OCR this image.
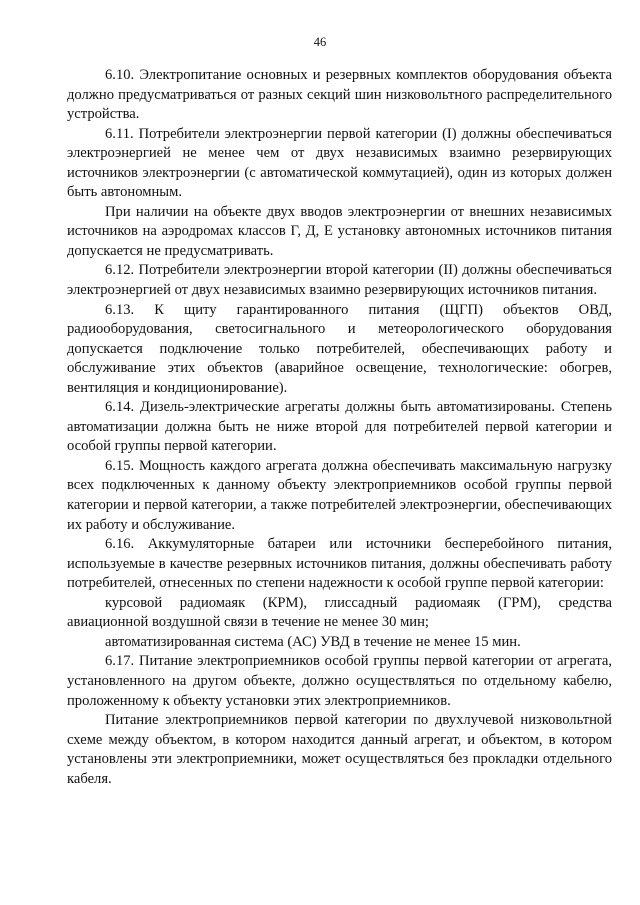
46

6.10. Электропитание основных и резервных комплектов оборудования объекта должно предусматриваться от разных секций шин низковольтного распределительного устройства.

6.11. Потребители электроэнергии первой категории (I) должны обеспечиваться электроэнергией не менее чем от двух независимых взаимно резервирующих источников электроэнергии (с автоматической коммутацией), один из которых должен быть автономным.

При наличии на объекте двух вводов электроэнергии от внешних независимых источников на аэродромах классов Г, Д, Е установку автономных источников питания допускается не предусматривать.

6.12. Потребители электроэнергии второй категории (II) должны обеспечиваться электроэнергией от двух независимых взаимно резервирующих источников питания.

6.13. К щиту гарантированного питания (ЩГП) объектов ОВД, радиооборудования, светосигнального и метеорологического оборудования допускается подключение только потребителей, обеспечивающих работу и обслуживание этих объектов (аварийное освещение, технологические: обогрев, вентиляция и кондиционирование).

6.14. Дизель-электрические агрегаты должны быть автоматизированы. Степень автоматизации должна быть не ниже второй для потребителей первой категории и особой группы первой категории.

6.15. Мощность каждого агрегата должна обеспечивать максимальную нагрузку всех подключенных к данному объекту электроприемников особой группы первой категории и первой категории, а также потребителей электроэнергии, обеспечивающих их работу и обслуживание.

6.16. Аккумуляторные батареи или источники бесперебойного питания, используемые в качестве резервных источников питания, должны обеспечивать работу потребителей, отнесенных по степени надежности к особой группе первой категории:

курсовой радиомаяк (КРМ), глиссадный радиомаяк (ГРМ), средства авиационной воздушной связи в течение не менее 30 мин;

автоматизированная система (АС) УВД в течение не менее 15 мин.

6.17. Питание электроприемников особой группы первой категории от агрегата, установленного на другом объекте, должно осуществляться по отдельному кабелю, проложенному к объекту установки этих электроприемников.

Питание электроприемников первой категории по двухлучевой низковольтной схеме между объектом, в котором находится данный агрегат, и объектом, в котором установлены эти электроприемники, может осуществляться без прокладки отдельного кабеля.
